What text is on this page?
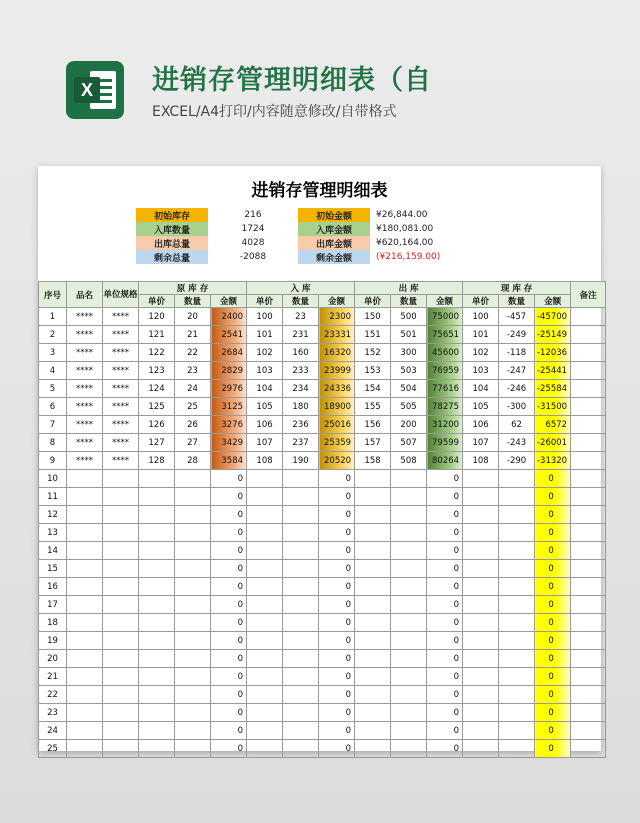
X 进销存管理明细表（自
EXCEL/A4打印/内容随意修改/自带格式
进销存管理明细表
初始库存	216	初始金额	¥26,844.00
入库数量	1724	入库金额	¥180,081.00
出库总量	4028	出库金额	¥620,164.00
剩余总量	-2088	剩余金额	(¥216,159.00)
序号	品名	单位规格	原 库 存			入 库			出 库			现 库 存			备注
			单价	数量	金额	单价	数量	金额	单价	数量	金额	单价	数量	金额	
1	****	****	120	20	2400	100	23	2300	150	500	75000	100	-457	-45700	
2	****	****	121	21	2541	101	231	23331	151	501	75651	101	-249	-25149	
3	****	****	122	22	2684	102	160	16320	152	300	45600	102	-118	-12036	
4	****	****	123	23	2829	103	233	23999	153	503	76959	103	-247	-25441	
5	****	****	124	24	2976	104	234	24336	154	504	77616	104	-246	-25584	
6	****	****	125	25	3125	105	180	18900	155	505	78275	105	-300	-31500	
7	****	****	126	26	3276	106	236	25016	156	200	31200	106	62	6572	
8	****	****	127	27	3429	107	237	25359	157	507	79599	107	-243	-26001	
9	****	****	128	28	3584	108	190	20520	158	508	80264	108	-290	-31320	
10					0			0			0			0	
11					0			0			0			0	
12					0			0			0			0	
13					0			0			0			0	
14					0			0			0			0	
15					0			0			0			0	
16					0			0			0			0	
17					0			0			0			0	
18					0			0			0			0	
19					0			0			0			0	
20					0			0			0			0	
21					0			0			0			0	
22					0			0			0			0	
23					0			0			0			0	
24					0			0			0			0	
25					0			0			0			0	
